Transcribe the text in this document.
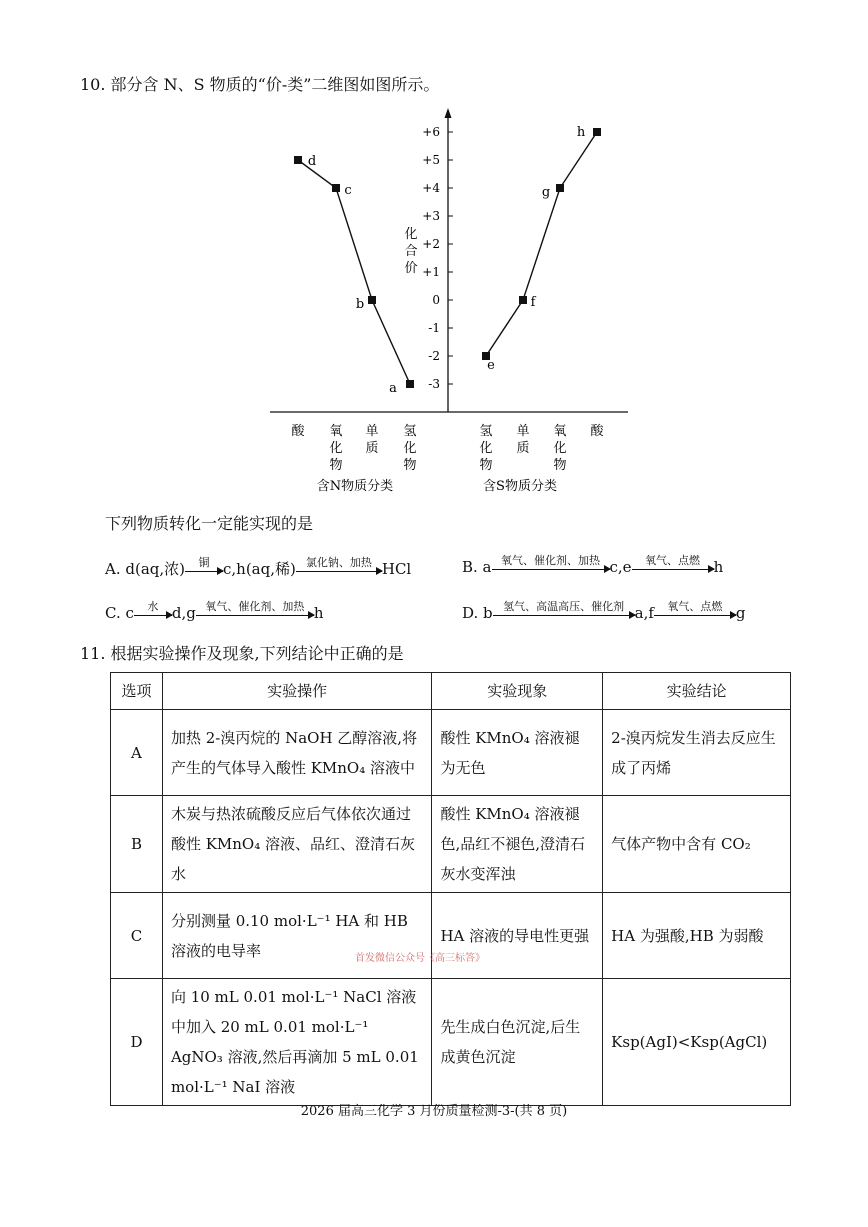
10. 部分含 N、S 物质的“价-类”二维图如图所示。
+6
+5
+4
+3
+2
+1
0
-1
-2
-3
d
c
b
a
e
f
g
h
酸 氧
化
物
单
质
氢
化
物
氢
化
物
单
质
氧
化
物
酸
化
合
价
含N物质分类	含S物质分类
下列物质转化一定能实现的是
A. d(aq,浓)	铜 c,h(aq,稀) 氯化钠、加热 HCl	B. a 氧气、催化剂、加热 c,e	氧气、点燃 h
C. c	水 d,g 氧气、催化剂、加热 h	D. b 氢气、高温高压、催化剂 a,f	氧气、点燃 g
11. 根据实验操作及现象,下列结论中正确的是
选项	实验操作	实验现象	实验结论
A	加热 2-溴丙烷的 NaOH 乙醇溶液,将产生的气体导入酸性 KMnO₄ 溶液中	酸性 KMnO₄ 溶液褪为无色	2-溴丙烷发生消去反应生成了丙烯
B	木炭与热浓硫酸反应后气体依次通过酸性 KMnO₄ 溶液、品红、澄清石灰水	酸性 KMnO₄ 溶液褪色,品红不褪色,澄清石灰水变浑浊	气体产物中含有 CO₂
C	分别测量 0.10 mol·L⁻¹ HA 和 HB 溶液的电导率	HA 溶液的导电性更强	HA 为强酸,HB 为弱酸
D	向 10 mL 0.01 mol·L⁻¹ NaCl 溶液中加入 20 mL 0.01 mol·L⁻¹ AgNO₃ 溶液,然后再滴加 5 mL 0.01 mol·L⁻¹ NaI 溶液	先生成白色沉淀,后生成黄色沉淀	Ksp(AgI)<Ksp(AgCl)
首发微信公众号《高三标答》
2026 届高三化学 3 月份质量检测-3-(共 8 页)
